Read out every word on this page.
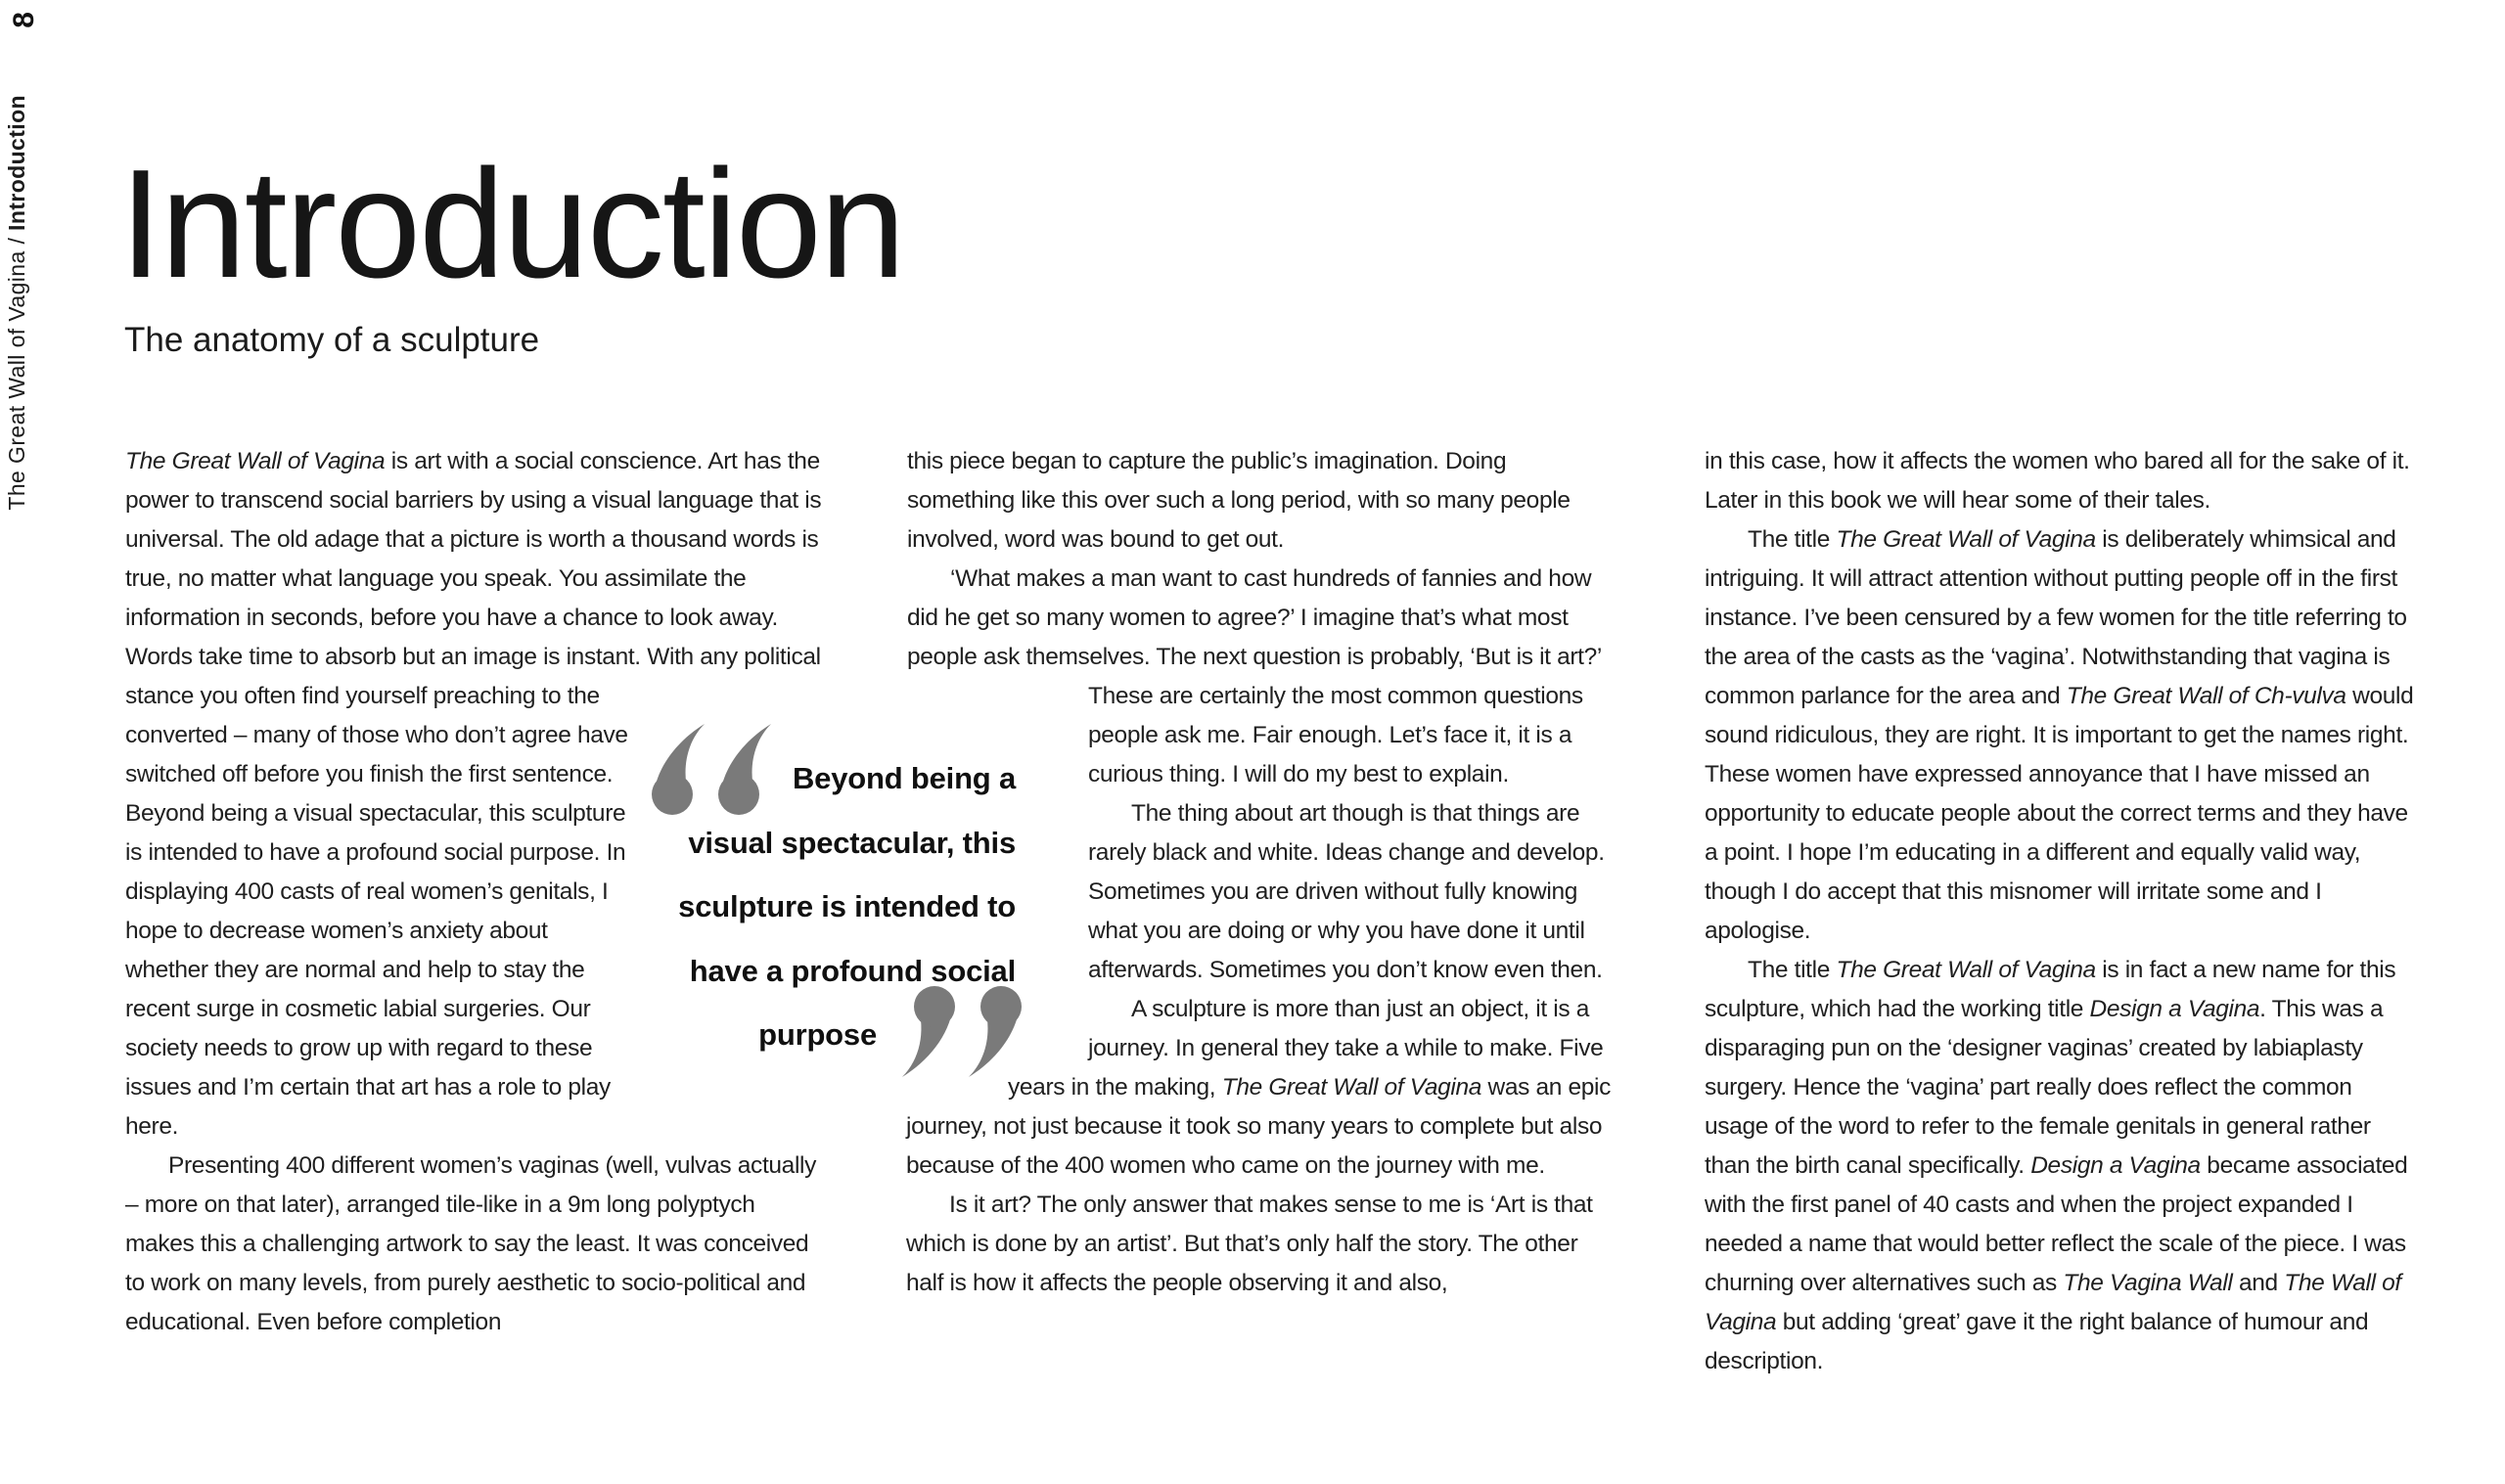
8
The Great Wall of Vagina / Introduction Introduction
The anatomy of a sculpture
Beyond being a
visual spectacular, this
sculpture is intended to
have a profound social
purpose

The Great Wall of Vagina is art with a social conscience. Art has the power to transcend social barriers by using a visual language that is universal. The old adage that a picture is worth a thousand words is true, no matter what language you speak. You assimilate the information in seconds, before you have a chance to look away. Words take time to absorb but an image is instant. With any political stance you often find yourself preaching to the converted – many of those who don’t agree have switched off before you finish the first sentence. Beyond being a visual spectacular, this sculpture is intended to have a profound social purpose. In displaying 400 casts of real women’s genitals, I hope to decrease women’s anxiety about whether they are normal and help to stay the recent surge in cosmetic labial surgeries. Our society needs to grow up with regard to these issues and I’m certain that art has a role to play here.

Presenting 400 different women’s vaginas (well, vulvas actually – more on that later), arranged tile-like in a 9m long polyptych makes this a challenging artwork to say the least. It was conceived to work on many levels, from purely aesthetic to socio-political and educational. Even before completion

this piece began to capture the public’s imagination. Doing something like this over such a long period, with so many people involved, word was bound to get out.

‘What makes a man want to cast hundreds of fannies and how did he get so many women to agree?’ I imagine that’s what most people ask themselves. The next question is probably, ‘But is it art?’ These are certainly the most common questions people ask me. Fair enough. Let’s face it, it is a curious thing. I will do my best to explain.

The thing about art though is that things are rarely black and white. Ideas change and develop. Sometimes you are driven without fully knowing what you are doing or why you have done it until afterwards. Sometimes you don’t know even then.

A sculpture is more than just an object, it is a journey. In general they take a while to make. Five years in the making, The Great Wall of Vagina was an epic journey, not just because it took so many years to complete but also because of the 400 women who came on the journey with me.

Is it art? The only answer that makes sense to me is ‘Art is that which is done by an artist’. But that’s only half the story. The other half is how it affects the people observing it and also,

in this case, how it affects the women who bared all for the sake of it. Later in this book we will hear some of their tales.

The title The Great Wall of Vagina is deliberately whimsical and intriguing. It will attract attention without putting people off in the first instance. I’ve been censured by a few women for the title referring to the area of the casts as the ‘vagina’. Notwithstanding that vagina is common parlance for the area and The Great Wall of Ch-vulva would sound ridiculous, they are right. It is important to get the names right. These women have expressed annoyance that I have missed an opportunity to educate people about the correct terms and they have a point. I hope I’m educating in a different and equally valid way, though I do accept that this misnomer will irritate some and I apologise.

The title The Great Wall of Vagina is in fact a new name for this sculpture, which had the working title Design a Vagina. This was a disparaging pun on the ‘designer vaginas’ created by labiaplasty surgery. Hence the ‘vagina’ part really does reflect the common usage of the word to refer to the female genitals in general rather than the birth canal specifically. Design a Vagina became associated with the first panel of 40 casts and when the project expanded I needed a name that would better reflect the scale of the piece. I was churning over alternatives such as The Vagina Wall and The Wall of Vagina but adding ‘great’ gave it the right balance of humour and description.
